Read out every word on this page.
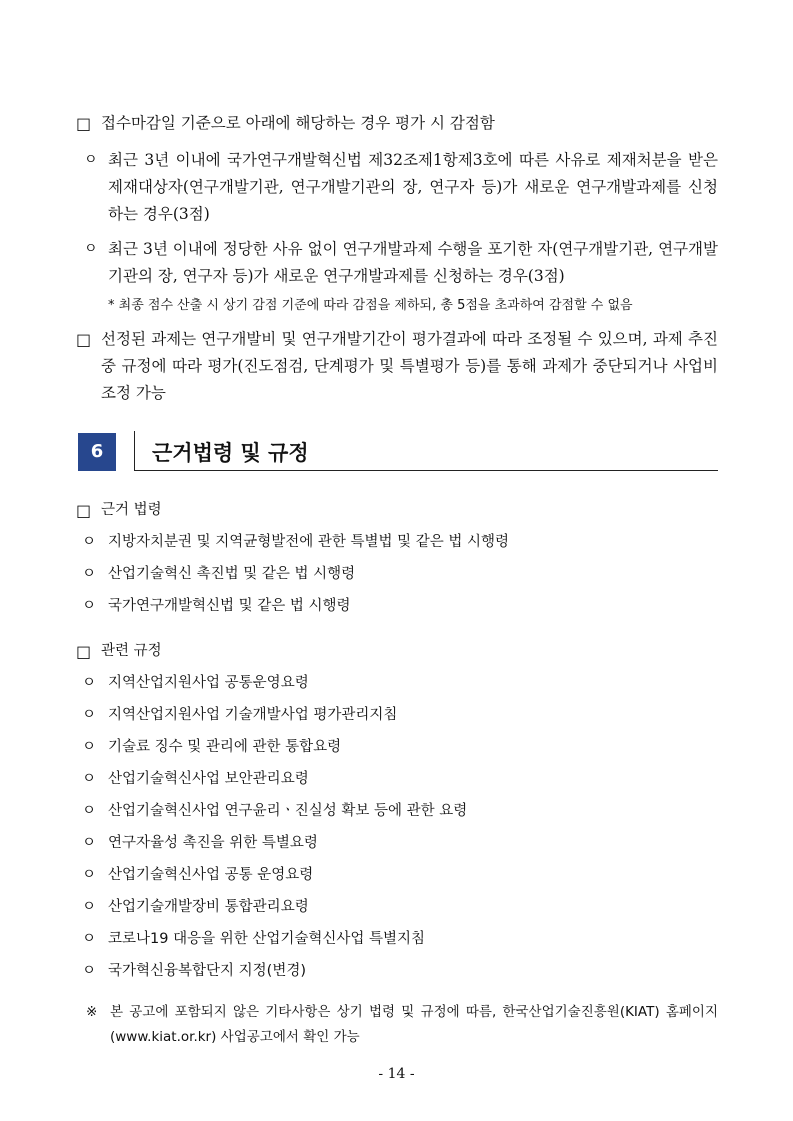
□ 접수마감일 기준으로 아래에 해당하는 경우 평가 시 감점함
ㅇ 최근 3년 이내에 국가연구개발혁신법 제32조제1항제3호에 따른 사유로 제재처분을 받은 제재대상자(연구개발기관, 연구개발기관의 장, 연구자 등)가 새로운 연구개발과제를 신청하는 경우(3점)
ㅇ 최근 3년 이내에 정당한 사유 없이 연구개발과제 수행을 포기한 자(연구개발기관, 연구개발기관의 장, 연구자 등)가 새로운 연구개발과제를 신청하는 경우(3점)
* 최종 점수 산출 시 상기 감점 기준에 따라 감점을 제하되, 총 5점을 초과하여 감점할 수 없음
□ 선정된 과제는 연구개발비 및 연구개발기간이 평가결과에 따라 조정될 수 있으며, 과제 추진 중 규정에 따라 평가(진도점검, 단계평가 및 특별평가 등)를 통해 과제가 중단되거나 사업비 조정 가능
6	근거법령 및 규정
□ 근거 법령
ㅇ 지방자치분권 및 지역균형발전에 관한 특별법 및 같은 법 시행령
ㅇ 산업기술혁신 촉진법 및 같은 법 시행령
ㅇ 국가연구개발혁신법 및 같은 법 시행령
□ 관련 규정
ㅇ 지역산업지원사업 공통운영요령
ㅇ 지역산업지원사업 기술개발사업 평가관리지침
ㅇ 기술료 징수 및 관리에 관한 통합요령
ㅇ 산업기술혁신사업 보안관리요령
ㅇ 산업기술혁신사업 연구윤리ㆍ진실성 확보 등에 관한 요령
ㅇ 연구자율성 촉진을 위한 특별요령
ㅇ 산업기술혁신사업 공통 운영요령
ㅇ 산업기술개발장비 통합관리요령
ㅇ 코로나19 대응을 위한 산업기술혁신사업 특별지침
ㅇ 국가혁신융복합단지 지정(변경)
※ 본 공고에 포함되지 않은 기타사항은 상기 법령 및 규정에 따름, 한국산업기술진흥원(KIAT) 홈페이지(www.kiat.or.kr) 사업공고에서 확인 가능
- 14 -
